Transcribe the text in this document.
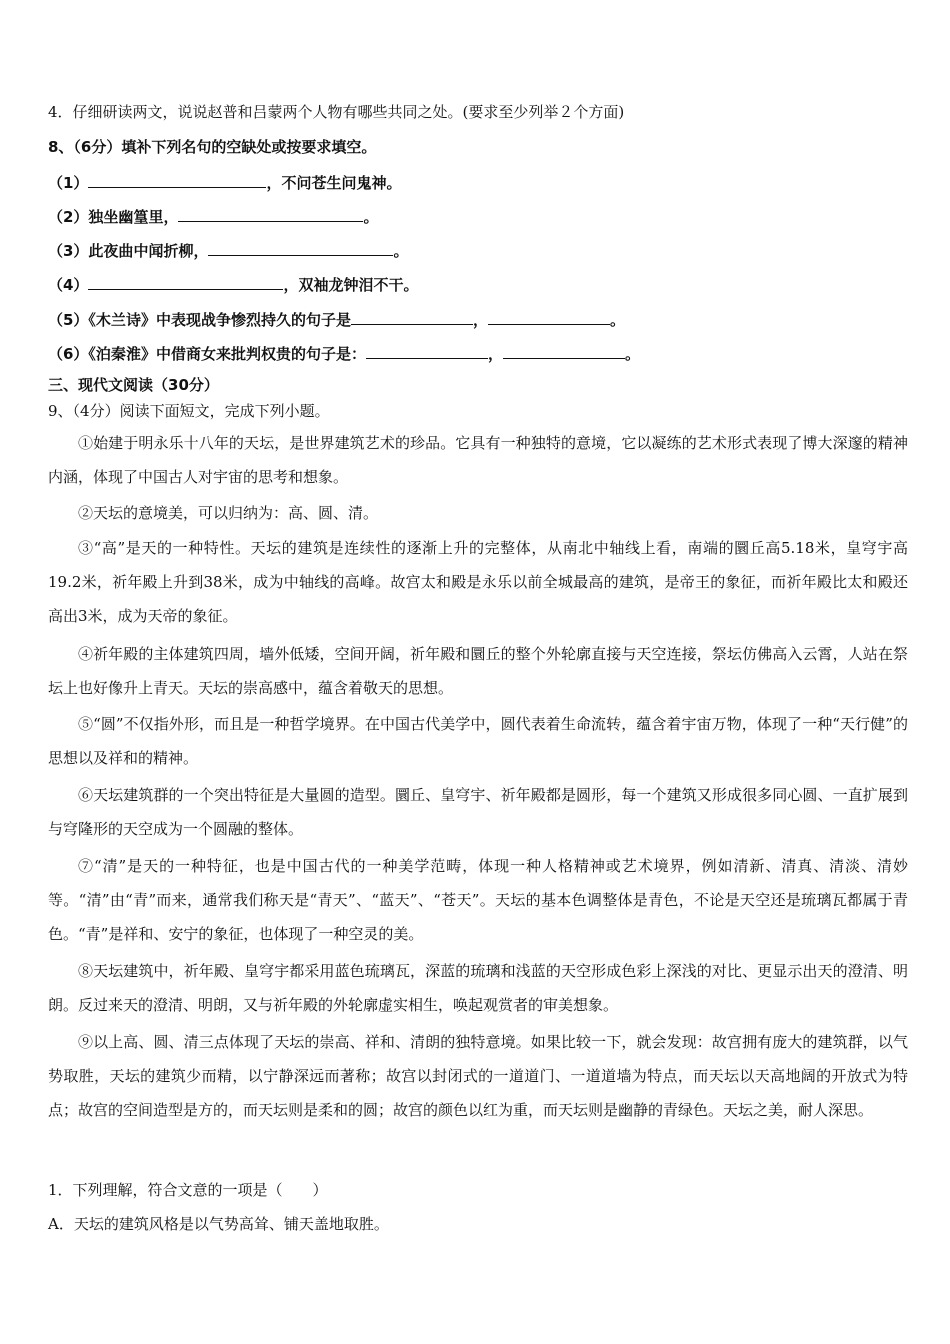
4．仔细研读两文，说说赵普和吕蒙两个人物有哪些共同之处。(要求至少列举２个方面)
8、（6分）填补下列名句的空缺处或按要求填空。
（1）	，不问苍生问鬼神。
（2）独坐幽篁里，	。
（3）此夜曲中闻折柳，	。
（4）	，双袖龙钟泪不干。
（5）《木兰诗》中表现战争惨烈持久的句子是	，	。
（6）《泊秦淮》中借商女来批判权贵的句子是：	，	。
三、现代文阅读（30分）
9、（4分）阅读下面短文，完成下列小题。
①始建于明永乐十八年的天坛，是世界建筑艺术的珍品。它具有一种独特的意境，它以凝练的艺术形式表现了博大深邃的精神内涵，体现了中国古人对宇宙的思考和想象。
②天坛的意境美，可以归纳为：高、圆、清。
③“高”是天的一种特性。天坛的建筑是连续性的逐渐上升的完整体，从南北中轴线上看，南端的圜丘高5.18米，皇穹宇高19.2米，祈年殿上升到38米，成为中轴线的高峰。故宫太和殿是永乐以前全城最高的建筑，是帝王的象征，而祈年殿比太和殿还高出3米，成为天帝的象征。
④祈年殿的主体建筑四周，墙外低矮，空间开阔，祈年殿和圜丘的整个外轮廓直接与天空连接，祭坛仿佛高入云霄，人站在祭坛上也好像升上青天。天坛的崇高感中，蕴含着敬天的思想。
⑤“圆”不仅指外形，而且是一种哲学境界。在中国古代美学中，圆代表着生命流转，蕴含着宇宙万物，体现了一种“天行健”的思想以及祥和的精神。
⑥天坛建筑群的一个突出特征是大量圆的造型。圜丘、皇穹宇、祈年殿都是圆形，每一个建筑又形成很多同心圆、一直扩展到与穹隆形的天空成为一个圆融的整体。
⑦“清”是天的一种特征，也是中国古代的一种美学范畴，体现一种人格精神或艺术境界，例如清新、清真、清淡、清妙等。“清”由“青”而来，通常我们称天是“青天”、“蓝天”、“苍天”。天坛的基本色调整体是青色，不论是天空还是琉璃瓦都属于青色。“青”是祥和、安宁的象征，也体现了一种空灵的美。
⑧天坛建筑中，祈年殿、皇穹宇都采用蓝色琉璃瓦，深蓝的琉璃和浅蓝的天空形成色彩上深浅的对比、更显示出天的澄清、明朗。反过来天的澄清、明朗，又与祈年殿的外轮廓虚实相生，唤起观赏者的审美想象。
⑨以上高、圆、清三点体现了天坛的崇高、祥和、清朗的独特意境。如果比较一下，就会发现：故宫拥有庞大的建筑群，以气势取胜，天坛的建筑少而精，以宁静深远而著称；故宫以封闭式的一道道门、一道道墙为特点，而天坛以天高地阔的开放式为特点；故宫的空间造型是方的，而天坛则是柔和的圆；故宫的颜色以红为重，而天坛则是幽静的青绿色。天坛之美，耐人深思。
1．下列理解，符合文意的一项是（　　）
A．天坛的建筑风格是以气势高耸、铺天盖地取胜。
